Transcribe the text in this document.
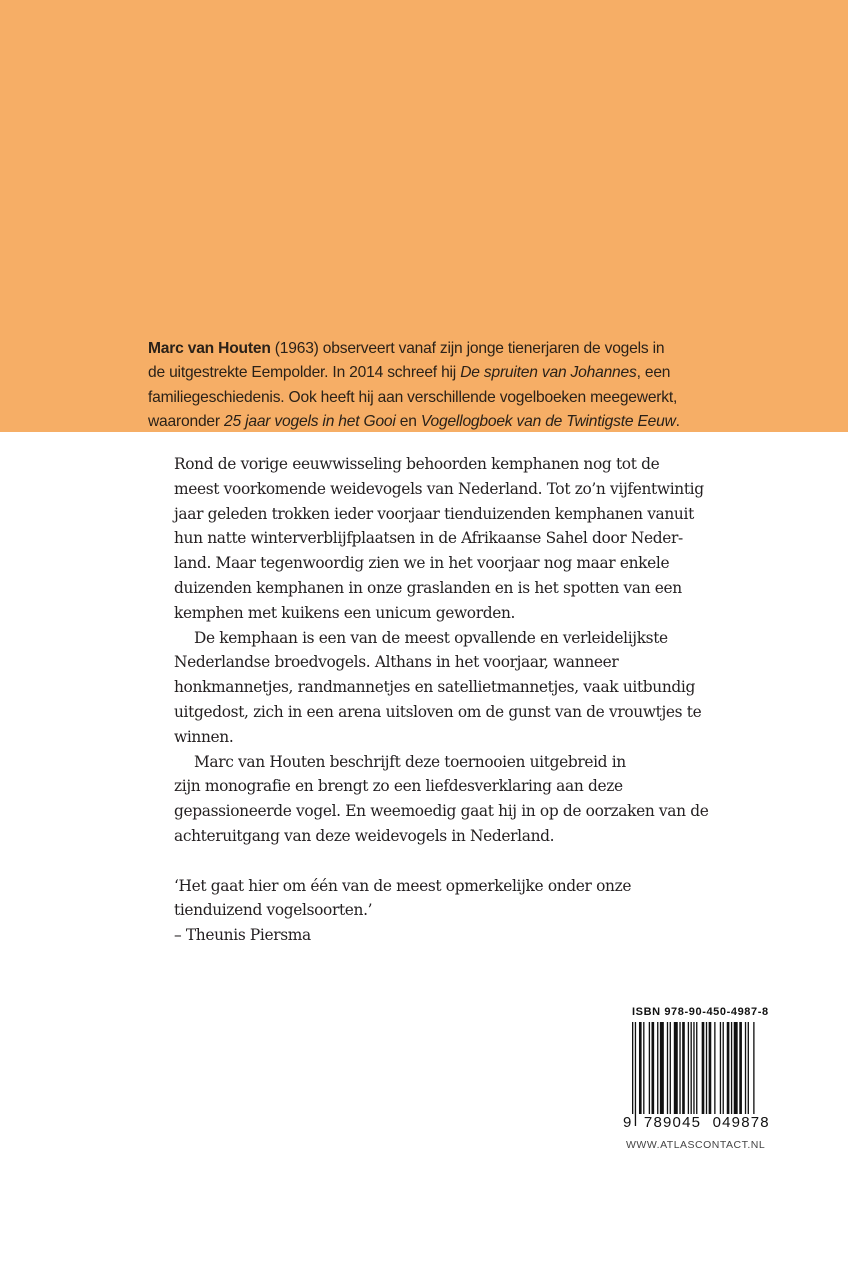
Marc van Houten (1963) observeert vanaf zijn jonge tienerjaren de vogels in
de uitgestrekte Eempolder. In 2014 schreef hij De spruiten van Johannes, een
familiegeschiedenis. Ook heeft hij aan verschillende vogelboeken meegewerkt,
waaronder 25 jaar vogels in het Gooi en Vogellogboek van de Twintigste Eeuw.
Rond de vorige eeuwwisseling behoorden kemphanen nog tot de
meest voorkomende weidevogels van Nederland. Tot zo’n vijfentwintig
jaar geleden trokken ieder voorjaar tienduizenden kemphanen vanuit
hun natte winterverblijfplaatsen in de Afrikaanse Sahel door Neder-
land. Maar tegenwoordig zien we in het voorjaar nog maar enkele
duizenden kemphanen in onze graslanden en is het spotten van een
kemphen met kuikens een unicum geworden.
De kemphaan is een van de meest opvallende en verleidelijkste
Nederlandse broedvogels. Althans in het voorjaar, wanneer
honkmannetjes, randmannetjes en satellietmannetjes, vaak uitbundig
uitgedost, zich in een arena uitsloven om de gunst van de vrouwtjes te
winnen.
Marc van Houten beschrijft deze toernooien uitgebreid in
zijn monografie en brengt zo een liefdesverklaring aan deze
gepassioneerde vogel. En weemoedig gaat hij in op de oorzaken van de
achteruitgang van deze weidevogels in Nederland.
‘Het gaat hier om één van de meest opmerkelijke onder onze
tienduizend vogelsoorten.’
– Theunis Piersma
ISBN 978-90-450-4987-8
9 789045 049878
WWW.ATLASCONTACT.NL
